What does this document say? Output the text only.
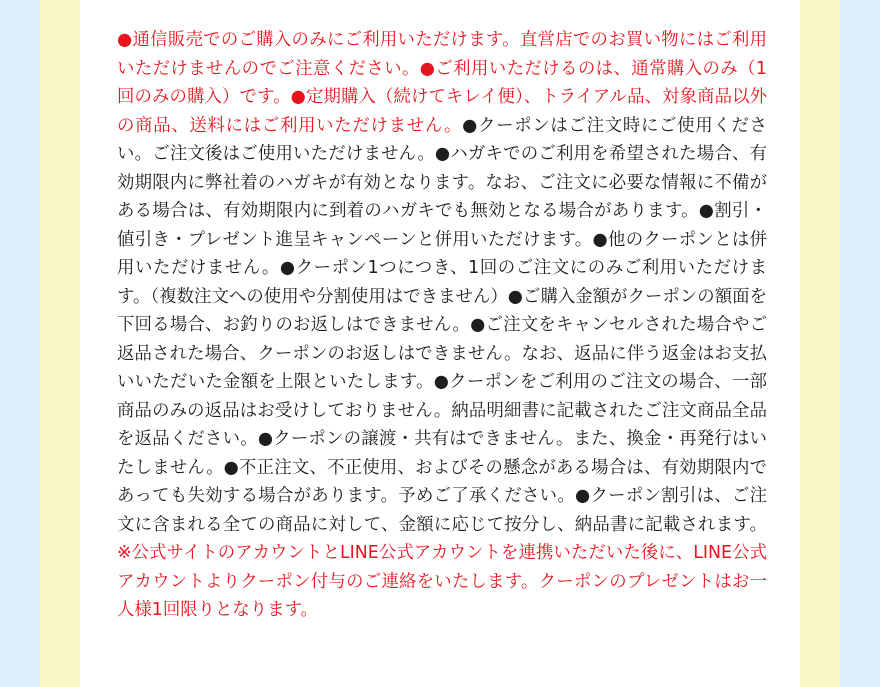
●通信販売でのご購入のみにご利用いただけます。直営店でのお買い物にはご利用いただけませんのでご注意ください。●ご利用いただけるのは、通常購入のみ（1回のみの購入）です。●定期購入（続けてキレイ便）、トライアル品、対象商品以外の商品、送料にはご利用いただけません。●クーポンはご注文時にご使用ください。ご注文後はご使用いただけません。●ハガキでのご利用を希望された場合、有効期限内に弊社着のハガキが有効となります。なお、ご注文に必要な情報に不備がある場合は、有効期限内に到着のハガキでも無効となる場合があります。●割引・値引き・プレゼント進呈キャンペーンと併用いただけます。●他のクーポンとは併用いただけません。●クーポン1つにつき、1回のご注文にのみご利用いただけます。（複数注文への使用や分割使用はできません）●ご購入金額がクーポンの額面を下回る場合、お釣りのお返しはできません。●ご注文をキャンセルされた場合やご返品された場合、クーポンのお返しはできません。なお、返品に伴う返金はお支払いいただいた金額を上限といたします。●クーポンをご利用のご注文の場合、一部商品のみの返品はお受けしておりません。納品明細書に記載されたご注文商品全品を返品ください。●クーポンの譲渡・共有はできません。また、換金・再発行はいたしません。●不正注文、不正使用、およびその懸念がある場合は、有効期限内であっても失効する場合があります。予めご了承ください。●クーポン割引は、ご注文に含まれる全ての商品に対して、金額に応じて按分し、納品書に記載されます。※公式サイトのアカウントとLINE公式アカウントを連携いただいた後に、LINE公式アカウントよりクーポン付与のご連絡をいたします。クーポンのプレゼントはお一人様1回限りとなります。
